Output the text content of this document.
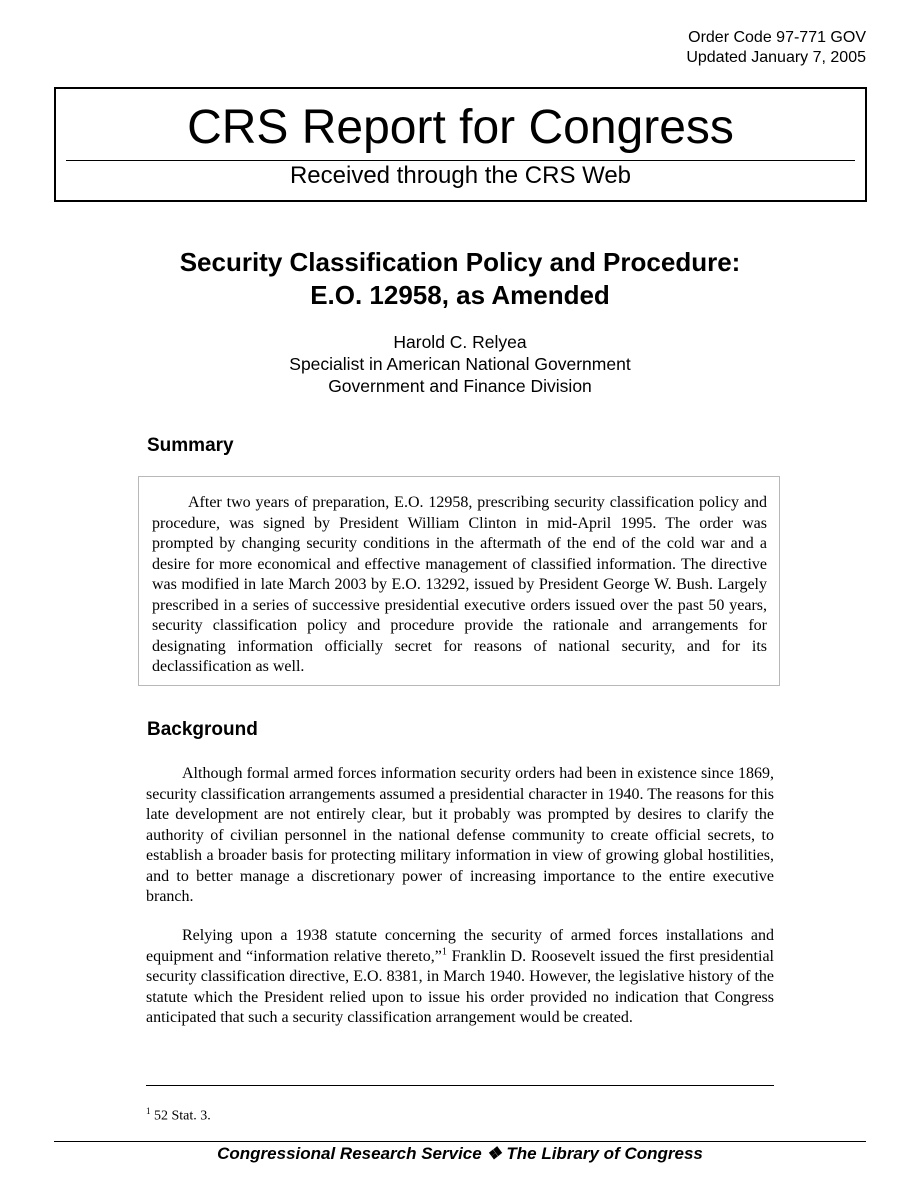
Order Code 97-771 GOV
Updated January 7, 2005
CRS Report for Congress
Received through the CRS Web
Security Classification Policy and Procedure:
E.O. 12958, as Amended
Harold C. Relyea
Specialist in American National Government
Government and Finance Division
Summary

After two years of preparation, E.O. 12958, prescribing security classification policy and procedure, was signed by President William Clinton in mid-April 1995. The order was prompted by changing security conditions in the aftermath of the end of the cold war and a desire for more economical and effective management of classified information. The directive was modified in late March 2003 by E.O. 13292, issued by President George W. Bush. Largely prescribed in a series of successive presidential executive orders issued over the past 50 years, security classification policy and procedure provide the rationale and arrangements for designating information officially secret for reasons of national security, and for its declassification as well.

Background

Although formal armed forces information security orders had been in existence since 1869, security classification arrangements assumed a presidential character in 1940. The reasons for this late development are not entirely clear, but it probably was prompted by desires to clarify the authority of civilian personnel in the national defense community to create official secrets, to establish a broader basis for protecting military information in view of growing global hostilities, and to better manage a discretionary power of increasing importance to the entire executive branch.

Relying upon a 1938 statute concerning the security of armed forces installations and equipment and “information relative thereto,”$^1$ Franklin D. Roosevelt issued the first presidential security classification directive, E.O. 8381, in March 1940. However, the legislative history of the statute which the President relied upon to issue his order provided no indication that Congress anticipated that such a security classification arrangement would be created.

$^1$ 52 Stat. 3.
Congressional Research Service ❖ The Library of Congress
